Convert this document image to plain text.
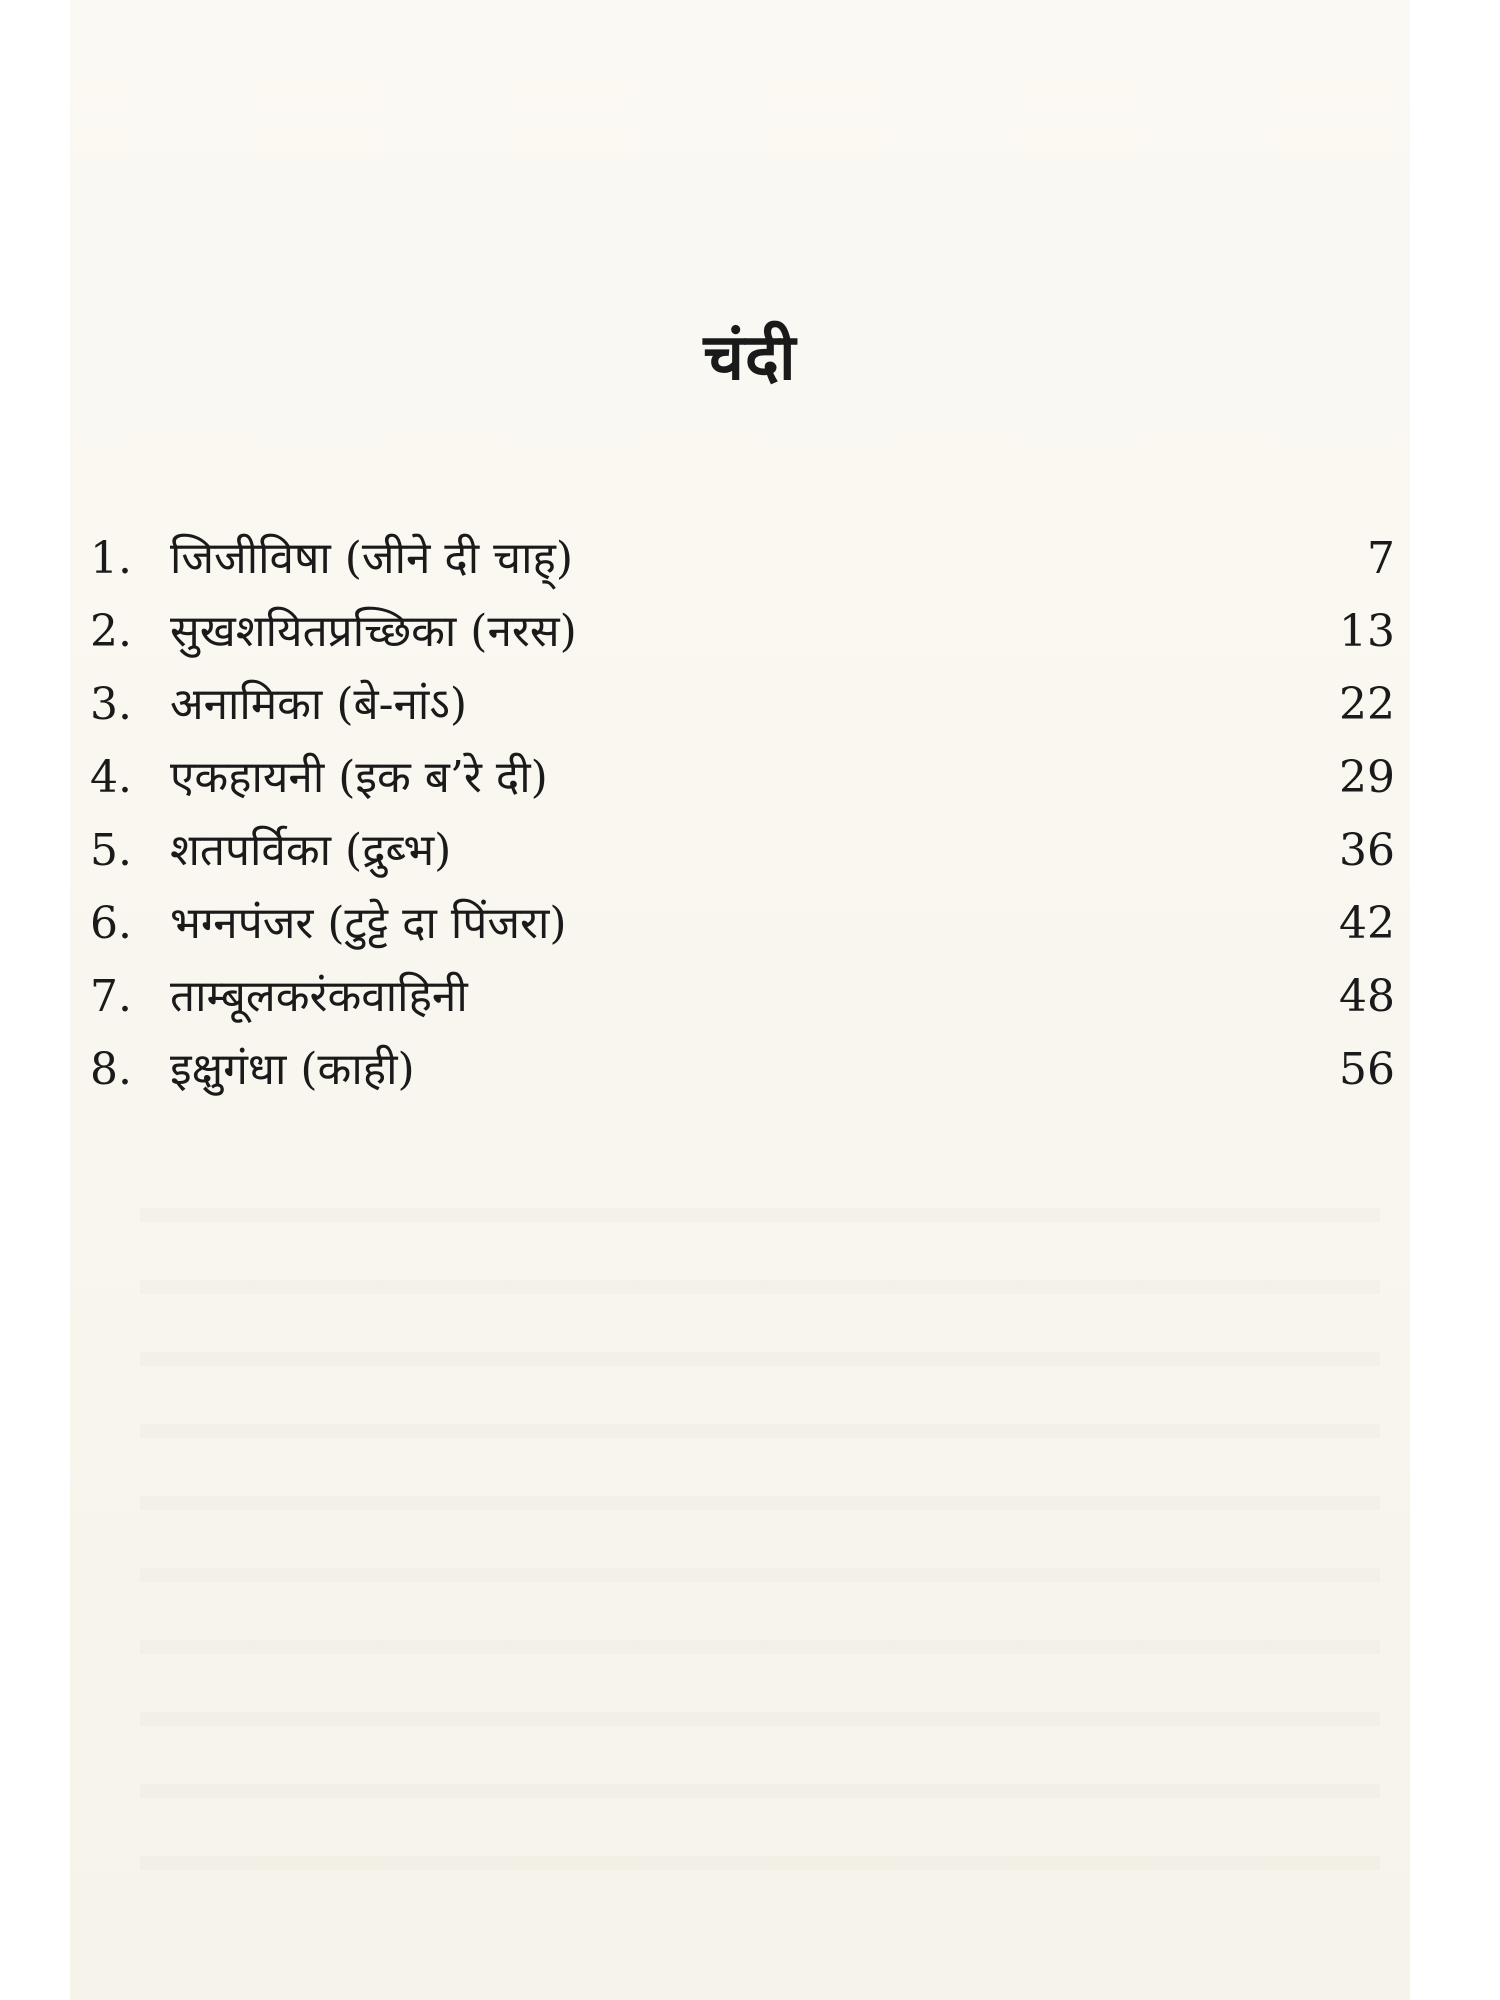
चंदी
1. जिजीविषा (जीने दी चाह्)	7
2. सुखशयितप्रच्छिका (नरस)	13
3. अनामिका (बे-नांऽ)	22
4. एकहायनी (इक ब’रे दी)	29
5. शतपर्विका (द्रुब्भ)	36
6. भग्नपंजर (टुट्टे दा पिंजरा)	42
7. ताम्बूलकरंकवाहिनी	48
8. इक्षुगंधा (काही)	56
